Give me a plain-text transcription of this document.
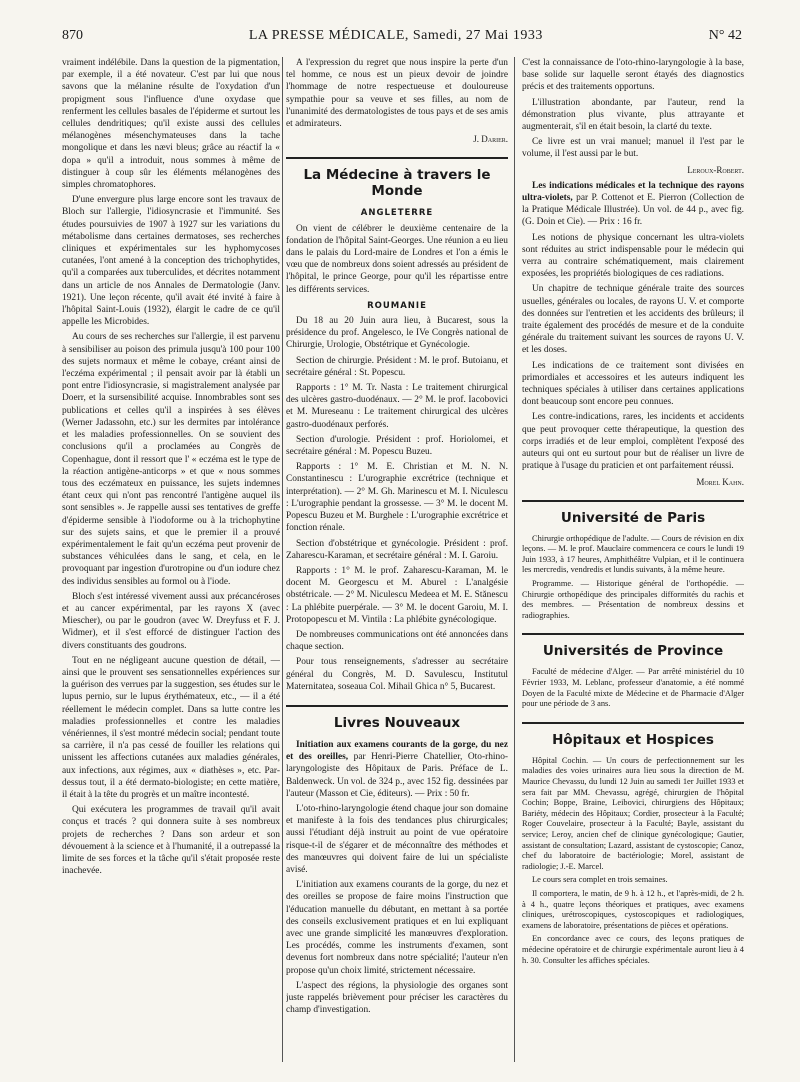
870	LA PRESSE MÉDICALE, Samedi, 27 Mai 1933	N° 42

vraiment indélébile. Dans la question de la pigmentation, par exemple, il a été novateur. C'est par lui que nous savons que la mélanine résulte de l'oxydation d'un propigment sous l'influence d'une oxydase que renferment les cellules basales de l'épiderme et surtout les cellules dendritiques; qu'il existe aussi des cellules mélanogènes mésenchymateuses dans la tache mongolique et dans les nævi bleus; grâce au réactif la « dopa » qu'il a introduit, nous sommes à même de distinguer à coup sûr les éléments mélanogènes des simples chromatophores.

D'une envergure plus large encore sont les travaux de Bloch sur l'allergie, l'idiosyncrasie et l'immunité. Ses études poursuivies de 1907 à 1927 sur les variations du métabolisme dans certaines dermatoses, ses recherches cliniques et expérimentales sur les hyphomycoses cutanées, l'ont amené à la conception des trichophytides, qu'il a comparées aux tuberculides, et décrites notamment dans un article de nos Annales de Dermatologie (Janv. 1921). Une leçon récente, qu'il avait été invité à faire à l'hôpital Saint-Louis (1932), élargit le cadre de ce qu'il appelle les Microbides.

Au cours de ses recherches sur l'allergie, il est parvenu à sensibiliser au poison des primula jusqu'à 100 pour 100 des sujets normaux et même le cobaye, créant ainsi de l'eczéma expérimental ; il pensait avoir par là établi un pont entre l'idiosyncrasie, si magistralement analysée par Doerr, et la sursensibilité acquise. Innombrables sont ses publications et celles qu'il a inspirées à ses élèves (Werner Jadassohn, etc.) sur les dermites par intolérance et les maladies professionnelles. On se souvient des conclusions qu'il a proclamées au Congrès de Copenhague, dont il ressort que l' « eczéma est le type de la réaction antigène-anticorps » et que « nous sommes tous des eczémateux en puissance, les sujets indemnes étant ceux qui n'ont pas rencontré l'antigène auquel ils sont sensibles ». Je rappelle aussi ses tentatives de greffe d'épiderme sensible à l'iodoforme ou à la trichophytine sur des sujets sains, et que le premier il a prouvé expérimentalement le fait qu'un eczéma peut provenir de substances véhiculées dans le sang, et cela, en le provoquant par ingestion d'urotropine ou d'un iodure chez des individus sensibles au formol ou à l'iode.

Bloch s'est intéressé vivement aussi aux précancéroses et au cancer expérimental, par les rayons X (avec Miescher), ou par le goudron (avec W. Dreyfuss et F. J. Widmer), et il s'est efforcé de distinguer l'action des divers constituants des goudrons.

Tout en ne négligeant aucune question de détail, — ainsi que le prouvent ses sensationnelles expériences sur la guérison des verrues par la suggestion, ses études sur le lupus pernio, sur le lupus érythémateux, etc., — il a été réellement le médecin complet. Dans sa lutte contre les maladies professionnelles et contre les maladies vénériennes, il s'est montré médecin social; pendant toute sa carrière, il n'a pas cessé de fouiller les relations qui unissent les affections cutanées aux maladies générales, aux infections, aux régimes, aux « diathèses », etc. Par-dessus tout, il a été dermato-biologiste; en cette matière, il était à la tête du progrès et un maître incontesté.

Qui exécutera les programmes de travail qu'il avait conçus et tracés ? qui donnera suite à ses nombreux projets de recherches ? Dans son ardeur et son dévouement à la science et à l'humanité, il a outrepassé la limite de ses forces et la tâche qu'il s'était proposée reste inachevée.

A l'expression du regret que nous inspire la perte d'un tel homme, ce nous est un pieux devoir de joindre l'hommage de notre respectueuse et douloureuse sympathie pour sa veuve et ses filles, au nom de l'unanimité des dermatologistes de tous pays et de ses amis et admirateurs.

J. Darier.
La Médecine à travers le Monde
ANGLETERRE

On vient de célébrer le deuxième centenaire de la fondation de l'hôpital Saint-Georges. Une réunion a eu lieu dans le palais du Lord-maire de Londres et l'on a émis le vœu que de nombreux dons soient adressés au président de l'hôpital, le prince George, pour qu'il les répartisse entre les différents services.

ROUMANIE

Du 18 au 20 Juin aura lieu, à Bucarest, sous la présidence du prof. Angelesco, le IVe Congrès national de Chirurgie, Urologie, Obstétrique et Gynécologie.

Section de chirurgie. Président : M. le prof. Butoianu, et secrétaire général : St. Popescu.

Rapports : 1° M. Tr. Nasta : Le traitement chirurgical des ulcères gastro-duodénaux. — 2° M. le prof. Iacobovici et M. Mureseanu : Le traitement chirurgical des ulcères gastro-duodénaux perforés.

Section d'urologie. Président : prof. Horiolomei, et secrétaire général : M. Popescu Buzeu.

Rapports : 1° M. E. Christian et M. N. N. Constantinescu : L'urographie excrétrice (technique et interprétation). — 2° M. Gh. Marinescu et M. I. Niculescu : L'urographie pendant la grossesse. — 3° M. le docent M. Popescu Buzeu et M. Burghele : L'urographie excrétrice et fonction rénale.

Section d'obstétrique et gynécologie. Président : prof. Zaharescu-Karaman, et secrétaire général : M. I. Garoiu.

Rapports : 1° M. le prof. Zaharescu-Karaman, M. le docent M. Georgescu et M. Aburel : L'analgésie obstétricale. — 2° M. Niculescu Medeea et M. E. Stănescu : La phlébite puerpérale. — 3° M. le docent Garoiu, M. I. Protopopescu et M. Vintila : La phlébite gynécologique.

De nombreuses communications ont été annoncées dans chaque section.

Pour tous renseignements, s'adresser au secrétaire général du Congrès, M. D. Savulescu, Institutul Maternitatea, soseaua Col. Mihail Ghica n° 5, Bucarest.

Livres Nouveaux

Initiation aux examens courants de la gorge, du nez et des oreilles, par Henri-Pierre Chatellier, Oto-rhino-laryngologiste des Hôpitaux de Paris. Préface de L. Baldenweck. Un vol. de 324 p., avec 152 fig. dessinées par l'auteur (Masson et Cie, éditeurs). — Prix : 50 fr.

L'oto-rhino-laryngologie étend chaque jour son domaine et manifeste à la fois des tendances plus chirurgicales; aussi l'étudiant déjà instruit au point de vue opératoire risque-t-il de s'égarer et de méconnaître des méthodes et des manœuvres qui doivent faire de lui un spécialiste avisé.

L'initiation aux examens courants de la gorge, du nez et des oreilles se propose de faire moins l'instruction que l'éducation manuelle du débutant, en mettant à sa portée des conseils exclusivement pratiques et en lui expliquant avec une grande simplicité les manœuvres d'exploration. Les procédés, comme les instruments d'examen, sont devenus fort nombreux dans notre spécialité; l'auteur n'en propose qu'un choix limité, strictement nécessaire.

L'aspect des régions, la physiologie des organes sont juste rappelés brièvement pour préciser les caractères du champ d'investigation.

C'est la connaissance de l'oto-rhino-laryngologie à la base, base solide sur laquelle seront étayés des diagnostics précis et des traitements opportuns.

L'illustration abondante, par l'auteur, rend la démonstration plus vivante, plus attrayante et augmenterait, s'il en était besoin, la clarté du texte.

Ce livre est un vrai manuel; manuel il l'est par le volume, il l'est aussi par le but.

Leroux-Robert.

Les indications médicales et la technique des rayons ultra-violets, par P. Cottenot et E. Pierron (Collection de la Pratique Médicale Illustrée). Un vol. de 44 p., avec fig. (G. Doin et Cie). — Prix : 16 fr.

Les notions de physique concernant les ultra-violets sont réduites au strict indispensable pour le médecin qui verra au contraire schématiquement, mais clairement exposées, les propriétés biologiques de ces radiations.

Un chapitre de technique générale traite des sources usuelles, générales ou locales, de rayons U. V. et comporte des données sur l'entretien et les accidents des brûleurs; il traite également des procédés de mesure et de la conduite générale du traitement suivant les sources de rayons U. V. et les doses.

Les indications de ce traitement sont divisées en primordiales et accessoires et les auteurs indiquent les techniques spéciales à utiliser dans certaines applications dont beaucoup sont encore peu connues.

Les contre-indications, rares, les incidents et accidents que peut provoquer cette thérapeutique, la question des corps irradiés et de leur emploi, complètent l'exposé des auteurs qui ont eu surtout pour but de réaliser un livre de pratique à l'usage du praticien et ont parfaitement réussi.

Morel Kahn.
Université de Paris

Chirurgie orthopédique de l'adulte. — Cours de révision en dix leçons. — M. le prof. Mauclaire commencera ce cours le lundi 19 Juin 1933, à 17 heures, Amphithéâtre Vulpian, et il le continuera les mercredis, vendredis et lundis suivants, à la même heure.

Programme. — Historique général de l'orthopédie. — Chirurgie orthopédique des principales difformités du rachis et des membres. — Présentation de nombreux dessins et radiographies.

Universités de Province

Faculté de médecine d'Alger. — Par arrêté ministériel du 10 Février 1933, M. Leblanc, professeur d'anatomie, a été nommé Doyen de la Faculté mixte de Médecine et de Pharmacie d'Alger pour une période de 3 ans.

Hôpitaux et Hospices

Hôpital Cochin. — Un cours de perfectionnement sur les maladies des voies urinaires aura lieu sous la direction de M. Maurice Chevassu, du lundi 12 Juin au samedi 1er Juillet 1933 et sera fait par MM. Chevassu, agrégé, chirurgien de l'hôpital Cochin; Boppe, Braine, Leibovici, chirurgiens des Hôpitaux; Bariéty, médecin des Hôpitaux; Cordier, prosecteur à la Faculté; Roger Couvelaire, prosecteur à la Faculté; Bayle, assistant du service; Leroy, ancien chef de clinique gynécologique; Gautier, assistant de consultation; Lazard, assistant de cystoscopie; Canoz, chef du laboratoire de bactériologie; Morel, assistant de radiologie; J.-E. Marcel.

Le cours sera complet en trois semaines.

Il comportera, le matin, de 9 h. à 12 h., et l'après-midi, de 2 h. à 4 h., quatre leçons théoriques et pratiques, avec examens cliniques, urétroscopiques, cystoscopiques et radiologiques, examens de laboratoire, présentations de pièces et opérations.

En concordance avec ce cours, des leçons pratiques de médecine opératoire et de chirurgie expérimentale auront lieu à 4 h. 30. Consulter les affiches spéciales.
